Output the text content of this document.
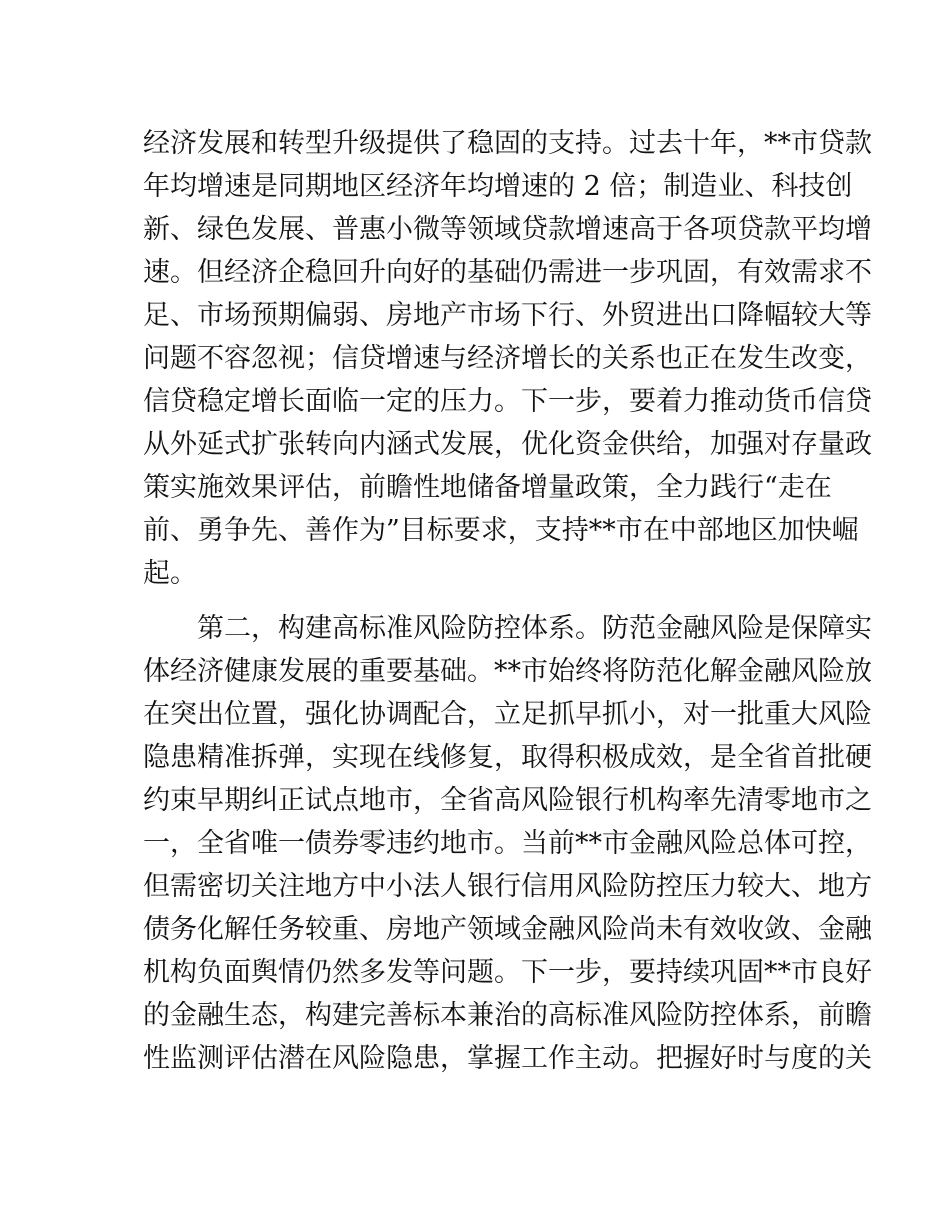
经济发展和转型升级提供了稳固的支持。过去十年，**市贷款
年均增速是同期地区经济年均增速的 2 倍；制造业、科技创
新、绿色发展、普惠小微等领域贷款增速高于各项贷款平均增
速。但经济企稳回升向好的基础仍需进一步巩固，有效需求不
足、市场预期偏弱、房地产市场下行、外贸进出口降幅较大等
问题不容忽视；信贷增速与经济增长的关系也正在发生改变，
信贷稳定增长面临一定的压力。下一步，要着力推动货币信贷
从外延式扩张转向内涵式发展，优化资金供给，加强对存量政
策实施效果评估，前瞻性地储备增量政策，全力践行“走在
前、勇争先、善作为”目标要求，支持**市在中部地区加快崛
起。
第二，构建高标准风险防控体系。防范金融风险是保障实
体经济健康发展的重要基础。**市始终将防范化解金融风险放
在突出位置，强化协调配合，立足抓早抓小，对一批重大风险
隐患精准拆弹，实现在线修复，取得积极成效，是全省首批硬
约束早期纠正试点地市，全省高风险银行机构率先清零地市之
一，全省唯一债券零违约地市。当前**市金融风险总体可控，
但需密切关注地方中小法人银行信用风险防控压力较大、地方
债务化解任务较重、房地产领域金融风险尚未有效收敛、金融
机构负面舆情仍然多发等问题。下一步，要持续巩固**市良好
的金融生态，构建完善标本兼治的高标准风险防控体系，前瞻
性监测评估潜在风险隐患，掌握工作主动。把握好时与度的关
